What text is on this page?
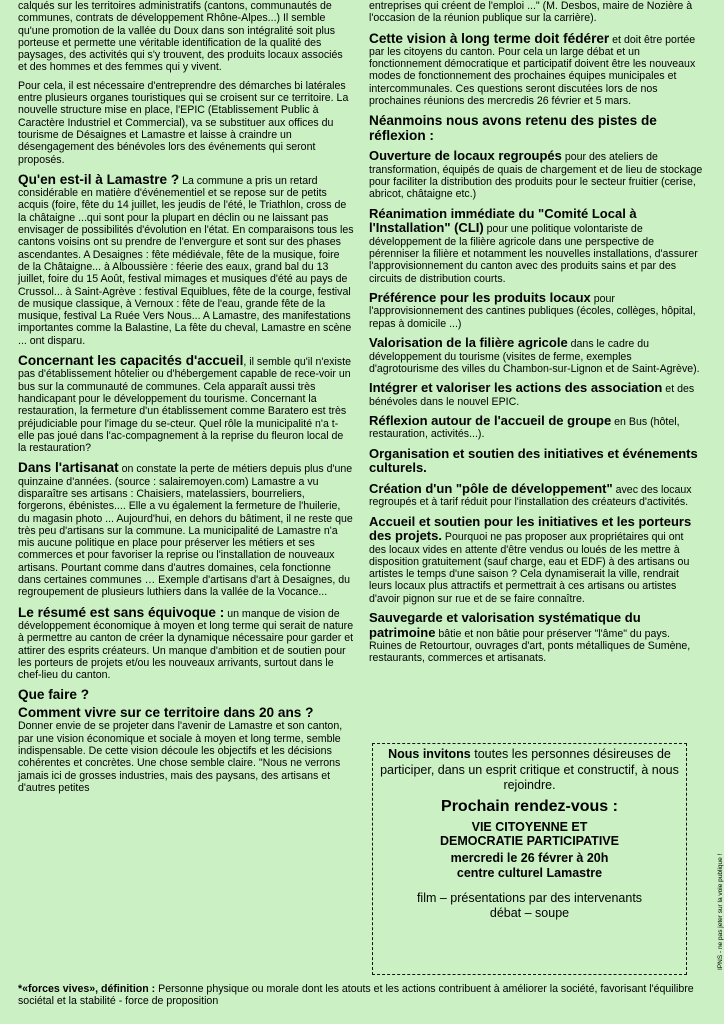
calqués sur les territoires administratifs (cantons, communautés de communes, contrats de développement Rhône-Alpes...) Il semble qu'une promotion de la vallée du Doux dans son intégralité soit plus porteuse et permette une véritable identification de la qualité des paysages, des activités qui s'y trouvent, des produits locaux associés et des hommes et des femmes qui y vivent.

Pour cela, il est nécessaire d'entreprendre des démarches bi latérales entre plusieurs organes touristiques qui se croisent sur ce territoire. La nouvelle structure mise en place, l'EPIC (Etablissement Public à Caractère Industriel et Commercial), va se substituer aux offices du tourisme de Désaignes et Lamastre et laisse à craindre un désengagement des bénévoles lors des événements qui seront proposés.

Qu'en est-il à Lamastre ? La commune a pris un retard considérable en matière d'événementiel et se repose sur de petits acquis (foire, fête du 14 juillet, les jeudis de l'été, le Triathlon, cross de la châtaigne ...qui sont pour la plupart en déclin ou ne laissant pas envisager de possibilités d'évolution en l'état. En comparaisons tous les cantons voisins ont su prendre de l'envergure et sont sur des phases ascendantes. A Desaignes : fête médiévale, fête de la musique, foire de la Châtaigne... à Alboussière : féerie des eaux, grand bal du 13 juillet, foire du 15 Août, festival mimages et musiques d'été au pays de Crussol... à Saint-Agrève : festival Equiblues, fête de la courge, festival de musique classique, à Vernoux : fête de l'eau, grande fête de la musique, festival La Ruée Vers Nous... A Lamastre, des manifestations importantes comme la Balastine, La fête du cheval, Lamastre en scène ... ont disparu.

Concernant les capacités d'accueil, il semble qu'il n'existe pas d'établissement hôtelier ou d'hébergement capable de rece-voir un bus sur la communauté de communes. Cela apparaît aussi très handicapant pour le développement du tourisme. Concernant la restauration, la fermeture d'un établissement comme Baratero est très préjudiciable pour l'image du se-cteur. Quel rôle la municipalité n'a t-elle pas joué dans l'ac-compagnement à la reprise du fleuron local de la restauration?

Dans l'artisanat on constate la perte de métiers depuis plus d'une quinzaine d'années. (source : salairemoyen.com) Lamastre a vu disparaître ses artisans : Chaisiers, matelassiers, bourreliers, forgerons, ébénistes.... Elle a vu également la fermeture de l'huilerie, du magasin photo ... Aujourd'hui, en dehors du bâtiment, il ne reste que très peu d'artisans sur la commune. La municipalité de Lamastre n'a mis aucune politique en place pour préserver les métiers et ses commerces et pour favoriser la reprise ou l'installation de nouveaux artisans. Pourtant comme dans d'autres domaines, cela fonctionne dans certaines communes … Exemple d'artisans d'art à Desaignes, du regroupement de plusieurs luthiers dans la vallée de la Vocance...

Le résumé est sans équivoque : un manque de vision de développement économique à moyen et long terme qui serait de nature à permettre au canton de créer la dynamique nécessaire pour garder et attirer des esprits créateurs. Un manque d'ambition et de soutien pour les porteurs de projets et/ou les nouveaux arrivants, surtout dans le chef-lieu du canton.

Que faire ?
Comment vivre sur ce territoire dans 20 ans ?

Donner envie de se projeter dans l'avenir de Lamastre et son canton, par une vision économique et sociale à moyen et long terme, semble indispensable. De cette vision découle les objectifs et les décisions cohérentes et concrètes. Une chose semble claire. "Nous ne verrons jamais ici de grosses industries, mais des paysans, des artisans et d'autres petites

entreprises qui créent de l'emploi ..." (M. Desbos, maire de Nozière à l'occasion de la réunion publique sur la carrière).

Cette vision à long terme doit fédérer et doit être portée par les citoyens du canton. Pour cela un large débat et un fonctionnement démocratique et participatif doivent être les nouveaux modes de fonctionnement des prochaines équipes municipales et intercommunales. Ces questions seront discutées lors de nos prochaines réunions des mercredis 26 février et 5 mars.

Néanmoins nous avons retenu des pistes de réflexion :

Ouverture de locaux regroupés pour des ateliers de transformation, équipés de quais de chargement et de lieu de stockage pour faciliter la distribution des produits pour le secteur fruitier (cerise, abricot, châtaigne etc.)

Réanimation immédiate du "Comité Local à l'Installation" (CLI) pour une politique volontariste de développement de la filière agricole dans une perspective de pérenniser la filière et notamment les nouvelles installations, d'assurer l'approvisionnement du canton avec des produits sains et par des circuits de distribution courts.

Préférence pour les produits locaux pour l'approvisionnement des cantines publiques (écoles, collèges, hôpital, repas à domicile ...)

Valorisation de la filière agricole dans le cadre du développement du tourisme (visites de ferme, exemples d'agrotourisme des villes du Chambon-sur-Lignon et de Saint-Agrève).

Intégrer et valoriser les actions des association et des bénévoles dans le nouvel EPIC.

Réflexion autour de l'accueil de groupe en Bus (hôtel, restauration, activités...).

Organisation et soutien des initiatives et événements culturels.

Création d'un "pôle de développement" avec des locaux regroupés et à tarif réduit pour l'installation des créateurs d'activités.

Accueil et soutien pour les initiatives et les porteurs des projets. Pourquoi ne pas proposer aux propriétaires qui ont des locaux vides en attente d'être vendus ou loués de les mettre à disposition gratuitement (sauf charge, eau et EDF) à des artisans ou artistes le temps d'une saison ? Cela dynamiserait la ville, rendrait leurs locaux plus attractifs et permettrait à ces artisans ou artistes d'avoir pignon sur rue et de se faire connaître.

Sauvegarde et valorisation systématique du patrimoine bâtie et non bâtie pour préserver "l'âme" du pays. Ruines de Retourtour, ouvrages d'art, ponts métalliques de Sumène, restaurants, commerces et artisanats.

Nous invitons toutes les personnes désireuses de participer, dans un esprit critique et constructif, à nous rejoindre.
Prochain rendez-vous :
VIE CITOYENNE ET
DEMOCRATIE PARTICIPATIVE
mercredi le 26 févrer à 20h
centre culturel Lamastre
film – présentations par des intervenants
débat – soupe	IPNS - ne pas jeter sur la voie publique !
*«forces vives», définition : Personne physique ou morale dont les atouts et les actions contribuent à améliorer la société, favorisant l'équilibre sociétal et la stabilité - force de proposition
